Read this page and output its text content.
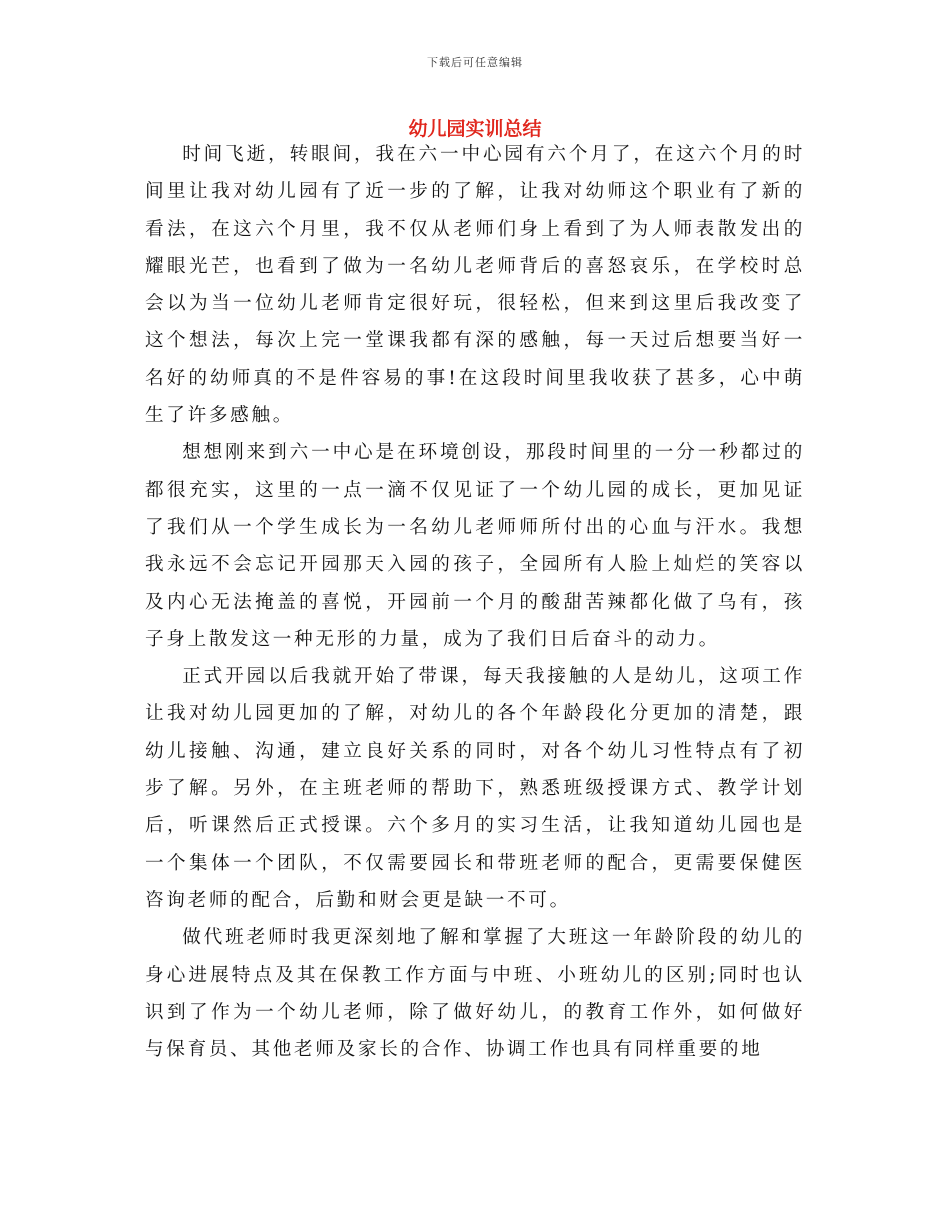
下载后可任意编辑
幼儿园实训总结

时间飞逝，转眼间，我在六一中心园有六个月了，在这六个月的时间里让我对幼儿园有了近一步的了解，让我对幼师这个职业有了新的看法，在这六个月里，我不仅从老师们身上看到了为人师表散发出的耀眼光芒，也看到了做为一名幼儿老师背后的喜怒哀乐，在学校时总会以为当一位幼儿老师肯定很好玩，很轻松，但来到这里后我改变了这个想法，每次上完一堂课我都有深的感触，每一天过后想要当好一名好的幼师真的不是件容易的事!在这段时间里我收获了甚多，心中萌生了许多感触。

想想刚来到六一中心是在环境创设，那段时间里的一分一秒都过的都很充实，这里的一点一滴不仅见证了一个幼儿园的成长，更加见证了我们从一个学生成长为一名幼儿老师师所付出的心血与汗水。我想我永远不会忘记开园那天入园的孩子，全园所有人脸上灿烂的笑容以及内心无法掩盖的喜悦，开园前一个月的酸甜苦辣都化做了乌有，孩子身上散发这一种无形的力量，成为了我们日后奋斗的动力。

正式开园以后我就开始了带课，每天我接触的人是幼儿，这项工作让我对幼儿园更加的了解，对幼儿的各个年龄段化分更加的清楚，跟幼儿接触、沟通，建立良好关系的同时，对各个幼儿习性特点有了初步了解。另外，在主班老师的帮助下，熟悉班级授课方式、教学计划后，听课然后正式授课。六个多月的实习生活，让我知道幼儿园也是一个集体一个团队，不仅需要园长和带班老师的配合，更需要保健医咨询老师的配合，后勤和财会更是缺一不可。

做代班老师时我更深刻地了解和掌握了大班这一年龄阶段的幼儿的身心进展特点及其在保教工作方面与中班、小班幼儿的区别;同时也认识到了作为一个幼儿老师，除了做好幼儿，的教育工作外，如何做好与保育员、其他老师及家长的合作、协调工作也具有同样重要的地
